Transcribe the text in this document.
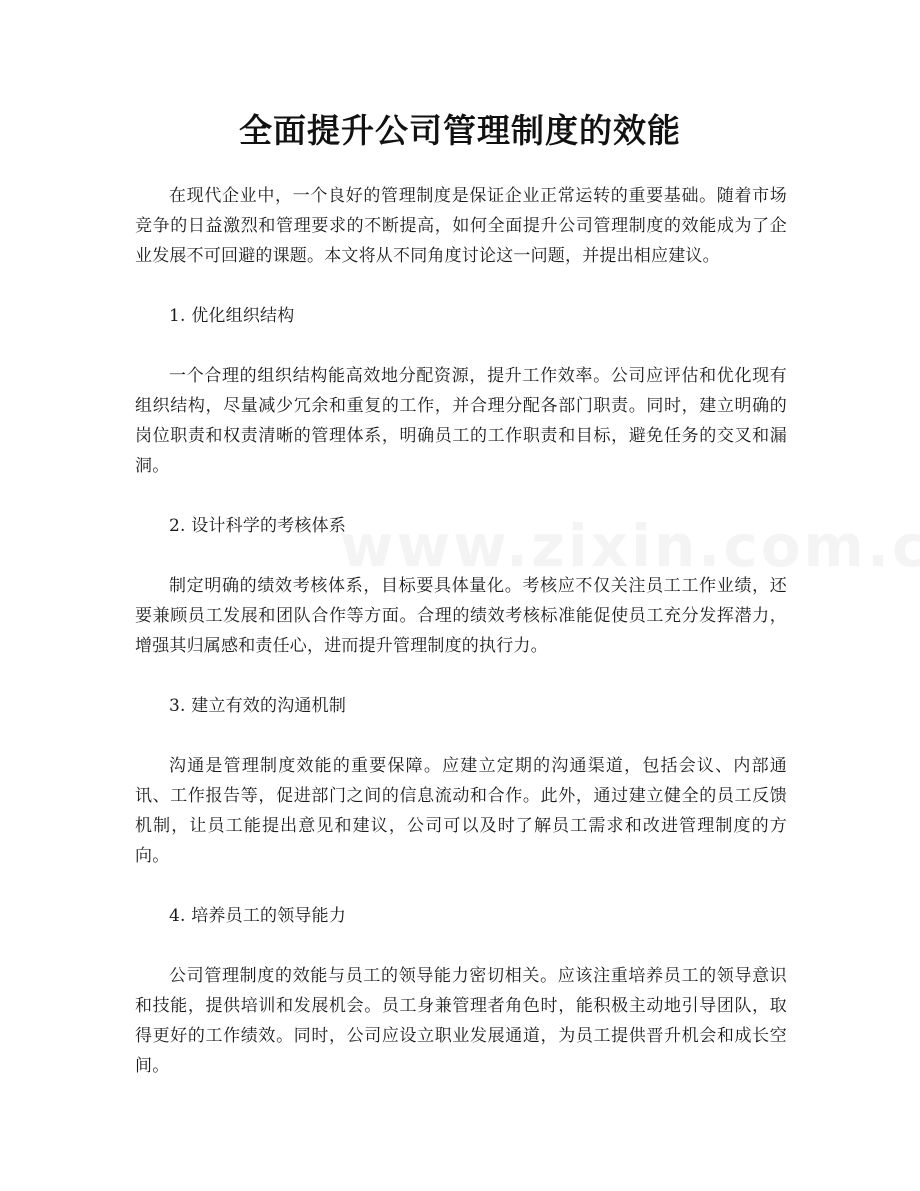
全面提升公司管理制度的效能

在现代企业中，一个良好的管理制度是保证企业正常运转的重要基础。随着市场竞争的日益激烈和管理要求的不断提高，如何全面提升公司管理制度的效能成为了企业发展不可回避的课题。本文将从不同角度讨论这一问题，并提出相应建议。

1. 优化组织结构

一个合理的组织结构能高效地分配资源，提升工作效率。公司应评估和优化现有组织结构，尽量减少冗余和重复的工作，并合理分配各部门职责。同时，建立明确的岗位职责和权责清晰的管理体系，明确员工的工作职责和目标，避免任务的交叉和漏洞。

2. 设计科学的考核体系

制定明确的绩效考核体系，目标要具体量化。考核应不仅关注员工工作业绩，还要兼顾员工发展和团队合作等方面。合理的绩效考核标准能促使员工充分发挥潜力，增强其归属感和责任心，进而提升管理制度的执行力。

3. 建立有效的沟通机制

沟通是管理制度效能的重要保障。应建立定期的沟通渠道，包括会议、内部通讯、工作报告等，促进部门之间的信息流动和合作。此外，通过建立健全的员工反馈机制，让员工能提出意见和建议，公司可以及时了解员工需求和改进管理制度的方向。

4. 培养员工的领导能力

公司管理制度的效能与员工的领导能力密切相关。应该注重培养员工的领导意识和技能，提供培训和发展机会。员工身兼管理者角色时，能积极主动地引导团队，取得更好的工作绩效。同时，公司应设立职业发展通道，为员工提供晋升机会和成长空间。
